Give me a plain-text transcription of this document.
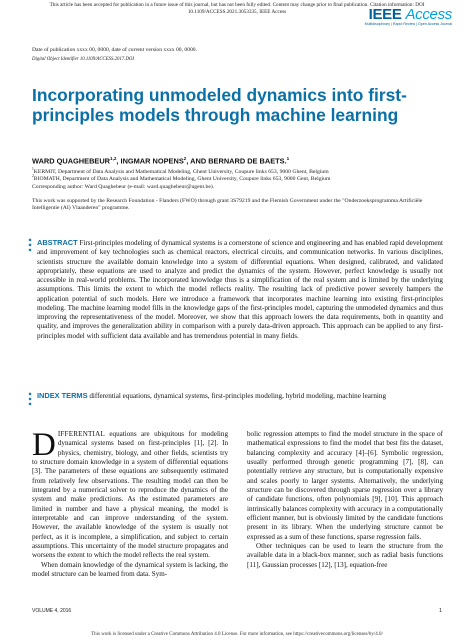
This article has been accepted for publication in a future issue of this journal, but has not been fully edited. Content may change prior to final publication. Citation information: DOI
10.1109/ACCESS.2021.3053335, IEEE Access	IEEE Access
Multidisciplinary | Rapid Review | Open Access Journal
Date of publication xxxx 00, 0000, date of current version xxxx 00, 0000.
Digital Object Identifier 10.1109/ACCESS.2017.DOI
Incorporating unmodeled dynamics into first-principles models through machine learning
WARD QUAGHEBEUR$^{1,2}$, INGMAR NOPENS$^2$, AND BERNARD DE BAETS.$^1$
$^1$KERMIT, Department of Data Analysis and Mathematical Modeling, Ghent University, Coupure links 653, 9000 Ghent, Belgium
$^2$BIOMATH, Department of Data Analysis and Mathematical Modeling, Ghent University, Coupure links 653, 9000 Gent, Belgium
Corresponding author: Ward Quaghebeur (e-mail: ward.quaghebeur@ugent.be).
This work was supported by the Research Foundation - Flanders (FWO) through grant 3S79219 and the Flemish Government under the "Onderzoeksprogramma Artificiële Intelligentie (AI) Vlaanderen" programme.
◆
◆
◆
ABSTRACT First-principles modeling of dynamical systems is a cornerstone of science and engineering and has enabled rapid development and improvement of key technologies such as chemical reactors, electrical circuits, and communication networks. In various disciplines, scientists structure the available domain knowledge into a system of differential equations. When designed, calibrated, and validated appropriately, these equations are used to analyze and predict the dynamics of the system. However, perfect knowledge is usually not accessible in real-world problems. The incorporated knowledge thus is a simplification of the real system and is limited by the underlying assumptions. This limits the extent to which the model reflects reality. The resulting lack of predictive power severely hampers the application potential of such models. Here we introduce a framework that incorporates machine learning into existing first-principles modeling. The machine learning model fills in the knowledge gaps of the first-principles model, capturing the unmodeled dynamics and thus improving the representativeness of the model. Moreover, we show that this approach lowers the data requirements, both in quantity and quality, and improves the generalization ability in comparison with a purely data-driven approach. This approach can be applied to any first-principles model with sufficient data available and has tremendous potential in many fields.
◆
◆
◆
INDEX TERMS differential equations, dynamical systems, first-principles modeling, hybrid modeling, machine learning

DIFFERENTIAL equations are ubiquitous for modeling dynamical systems based on first-principles [1], [2]. In physics, chemistry, biology, and other fields, scientists try to structure domain knowledge in a system of differential equations [3]. The parameters of these equations are subsequently estimated from relatively few observations. The resulting model can then be integrated by a numerical solver to reproduce the dynamics of the system and make predictions. As the estimated parameters are limited in number and have a physical meaning, the model is interpretable and can improve understanding of the system. However, the available knowledge of the system is usually not perfect, as it is incomplete, a simplification, and subject to certain assumptions. This uncertainty of the model structure propagates and worsens the extent to which the model reflects the real system.

When domain knowledge of the dynamical system is lacking, the model structure can be learned from data. Sym-

bolic regression attempts to find the model structure in the space of mathematical expressions to find the model that best fits the dataset, balancing complexity and accuracy [4]–[6]. Symbolic regression, usually performed through genetic programming [7], [8], can potentially retrieve any structure, but is computationally expensive and scales poorly to larger systems. Alternatively, the underlying structure can be discovered through sparse regression over a library of candidate functions, often polynomials [9], [10]. This approach intrinsically balances complexity with accuracy in a computationally efficient manner, but is obviously limited by the candidate functions present in its library. When the underlying structure cannot be expressed as a sum of these functions, sparse regression fails.

Other techniques can be used to learn the structure from the available data in a black-box manner, such as radial basis functions [11], Gaussian processes [12], [13], equation-free

VOLUME 4, 2016	1
This work is licensed under a Creative Commons Attribution 4.0 License. For more information, see https://creativecommons.org/licenses/by/4.0/
